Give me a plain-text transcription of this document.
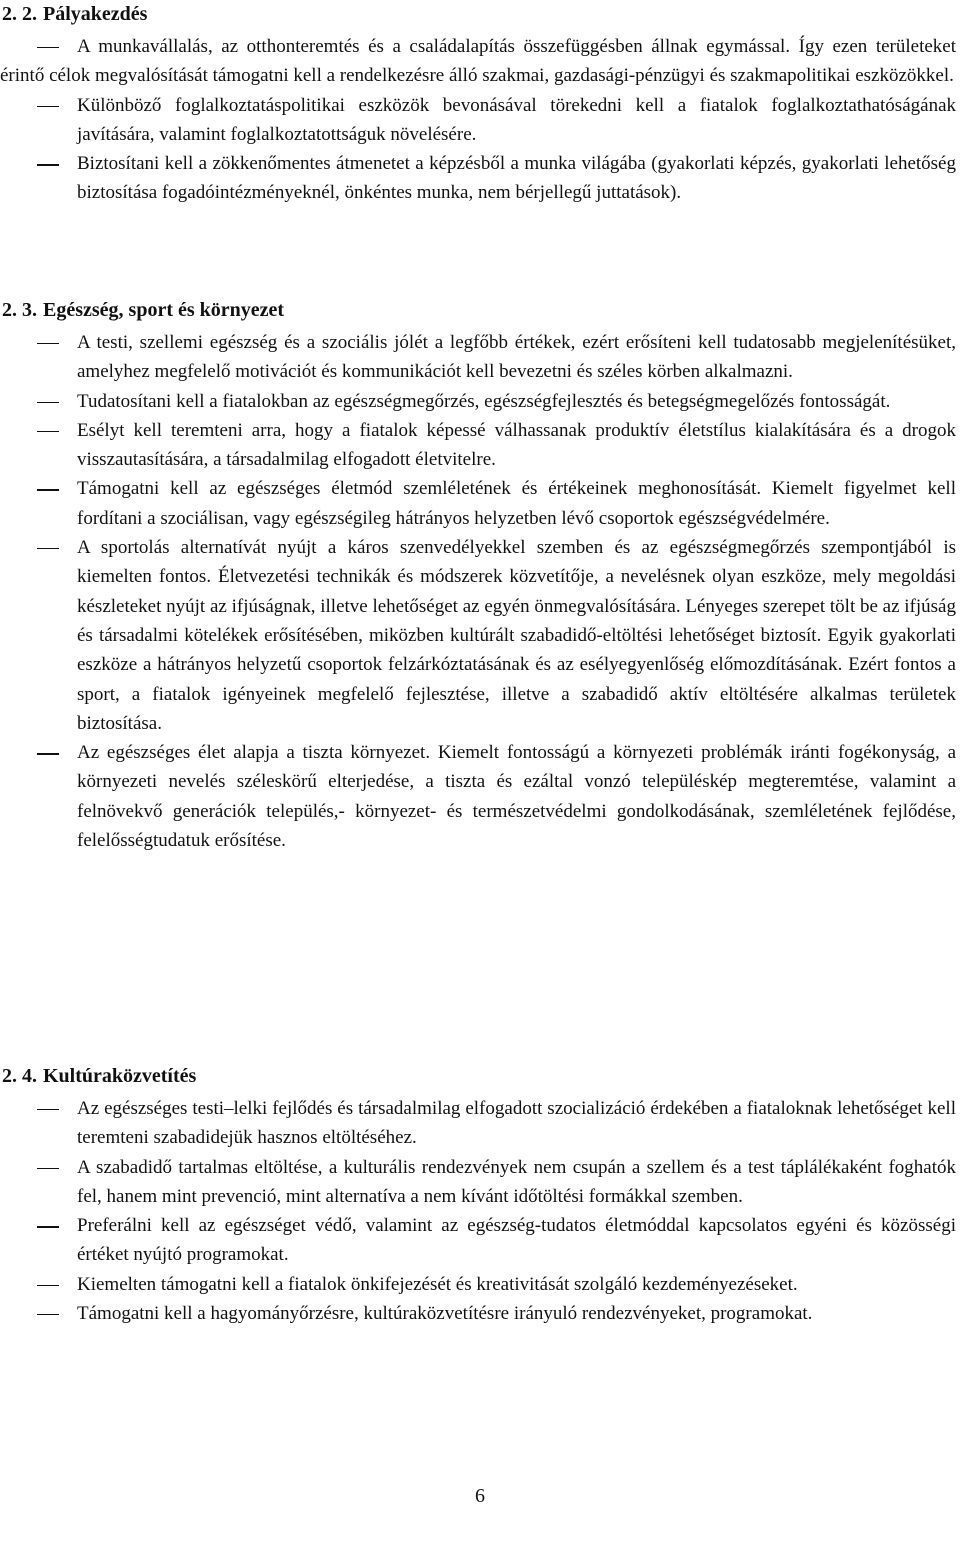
2. 2. Pályakezdés
A munkavállalás, az otthonteremtés és a családalapítás összefüggésben állnak egymással. Így ezen területeket érintő célok megvalósítását támogatni kell a rendelkezésre álló szakmai, gazdasági-pénzügyi és szakmapolitikai eszközökkel.
Különböző foglalkoztatáspolitikai eszközök bevonásával törekedni kell a fiatalok foglalkoztathatóságának javítására, valamint foglalkoztatottságuk növelésére.
Biztosítani kell a zökkenőmentes átmenetet a képzésből a munka világába (gyakorlati képzés, gyakorlati lehetőség biztosítása fogadóintézményeknél, önkéntes munka, nem bérjellegű juttatások).
2. 3. Egészség, sport és környezet
A testi, szellemi egészség és a szociális jólét a legfőbb értékek, ezért erősíteni kell tudatosabb megjelenítésüket, amelyhez megfelelő motivációt és kommunikációt kell bevezetni és széles körben alkalmazni.
Tudatosítani kell a fiatalokban az egészségmegőrzés, egészségfejlesztés és betegségmegelőzés fontosságát.
Esélyt kell teremteni arra, hogy a fiatalok képessé válhassanak produktív életstílus kialakítására és a drogok visszautasítására, a társadalmilag elfogadott életvitelre.
Támogatni kell az egészséges életmód szemléletének és értékeinek meghonosítását. Kiemelt figyelmet kell fordítani a szociálisan, vagy egészségileg hátrányos helyzetben lévő csoportok egészségvédelmére.
A sportolás alternatívát nyújt a káros szenvedélyekkel szemben és az egészségmegőrzés szempontjából is kiemelten fontos. Életvezetési technikák és módszerek közvetítője, a nevelésnek olyan eszköze, mely megoldási készleteket nyújt az ifjúságnak, illetve lehetőséget az egyén önmegvalósítására. Lényeges szerepet tölt be az ifjúság és társadalmi kötelékek erősítésében, miközben kultúrált szabadidő-eltöltési lehetőséget biztosít. Egyik gyakorlati eszköze a hátrányos helyzetű csoportok felzárkóztatásának és az esélyegyenlőség előmozdításának. Ezért fontos a sport, a fiatalok igényeinek megfelelő fejlesztése, illetve a szabadidő aktív eltöltésére alkalmas területek biztosítása.
Az egészséges élet alapja a tiszta környezet. Kiemelt fontosságú a környezeti problémák iránti fogékonyság, a környezeti nevelés széleskörű elterjedése, a tiszta és ezáltal vonzó településkép megteremtése, valamint a felnövekvő generációk település,- környezet- és természetvédelmi gondolkodásának, szemléletének fejlődése, felelősségtudatuk erősítése.
2. 4. Kultúraközvetítés
Az egészséges testi–lelki fejlődés és társadalmilag elfogadott szocializáció érdekében a fiataloknak lehetőséget kell teremteni szabadidejük hasznos eltöltéséhez.
A szabadidő tartalmas eltöltése, a kulturális rendezvények nem csupán a szellem és a test táplálékaként foghatók fel, hanem mint prevenció, mint alternatíva a nem kívánt időtöltési formákkal szemben.
Preferálni kell az egészséget védő, valamint az egészség-tudatos életmóddal kapcsolatos egyéni és közösségi értéket nyújtó programokat.
Kiemelten támogatni kell a fiatalok önkifejezését és kreativitását szolgáló kezdeményezéseket.
Támogatni kell a hagyományőrzésre, kultúraközvetítésre irányuló rendezvényeket, programokat.
6
